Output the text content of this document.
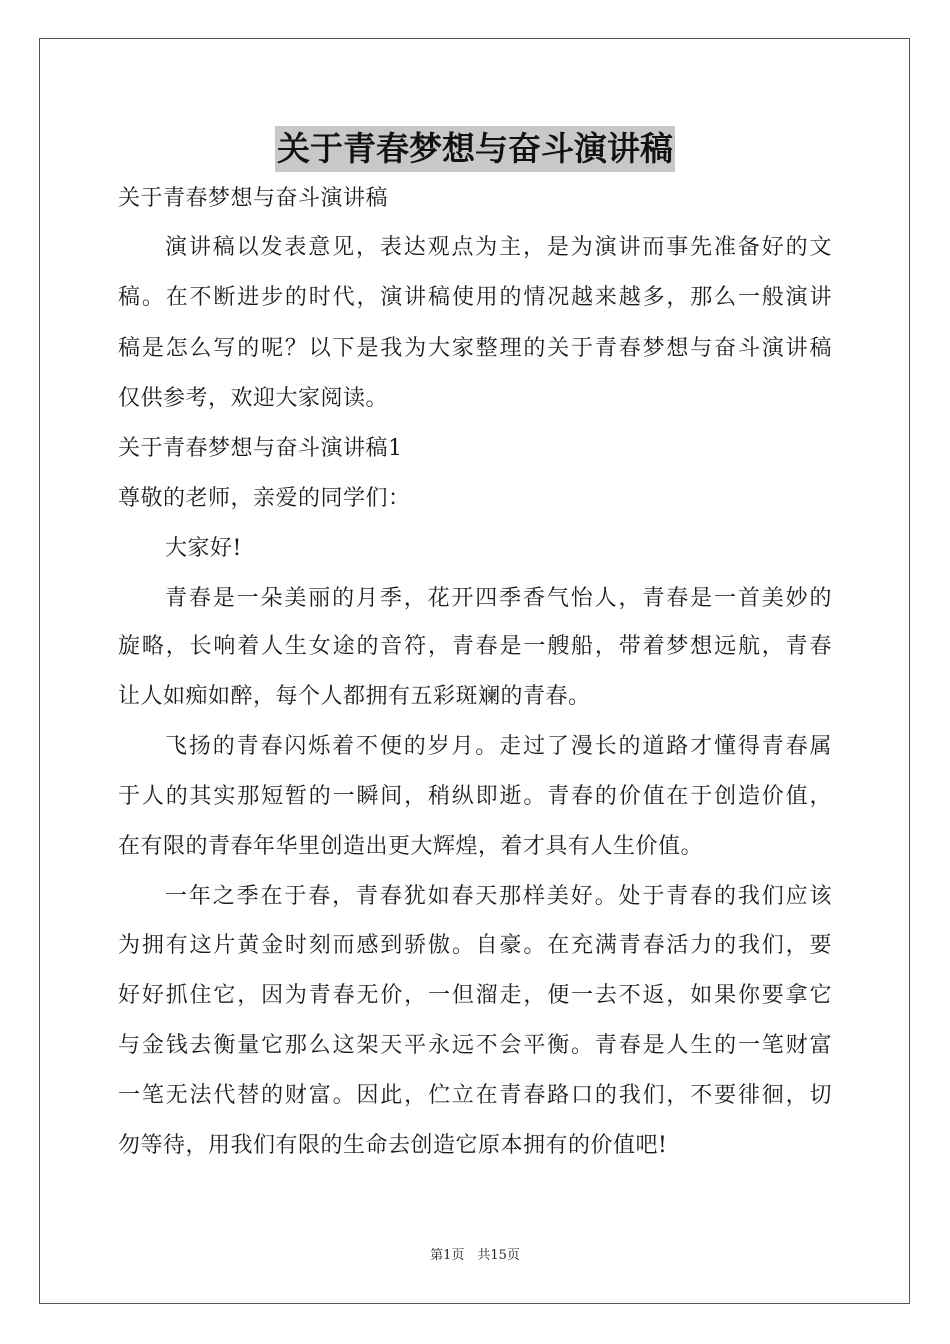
关于青春梦想与奋斗演讲稿
关于青春梦想与奋斗演讲稿
演讲稿以发表意见，表达观点为主，是为演讲而事先准备好的文
稿。在不断进步的时代，演讲稿使用的情况越来越多，那么一般演讲
稿是怎么写的呢？以下是我为大家整理的关于青春梦想与奋斗演讲稿
仅供参考，欢迎大家阅读。
关于青春梦想与奋斗演讲稿1
尊敬的老师，亲爱的同学们：
大家好!
青春是一朵美丽的月季，花开四季香气怡人，青春是一首美妙的
旋略，长响着人生女途的音符，青春是一艘船，带着梦想远航，青春
让人如痴如醉，每个人都拥有五彩斑斓的青春。
飞扬的青春闪烁着不便的岁月。走过了漫长的道路才懂得青春属
于人的其实那短暂的一瞬间，稍纵即逝。青春的价值在于创造价值，
在有限的青春年华里创造出更大辉煌，着才具有人生价值。
一年之季在于春，青春犹如春天那样美好。处于青春的我们应该
为拥有这片黄金时刻而感到骄傲。自豪。在充满青春活力的我们，要
好好抓住它，因为青春无价，一但溜走，便一去不返，如果你要拿它
与金钱去衡量它那么这架天平永远不会平衡。青春是人生的一笔财富
一笔无法代替的财富。因此，伫立在青春路口的我们，不要徘徊，切
勿等待，用我们有限的生命去创造它原本拥有的价值吧!
第1页　共15页
